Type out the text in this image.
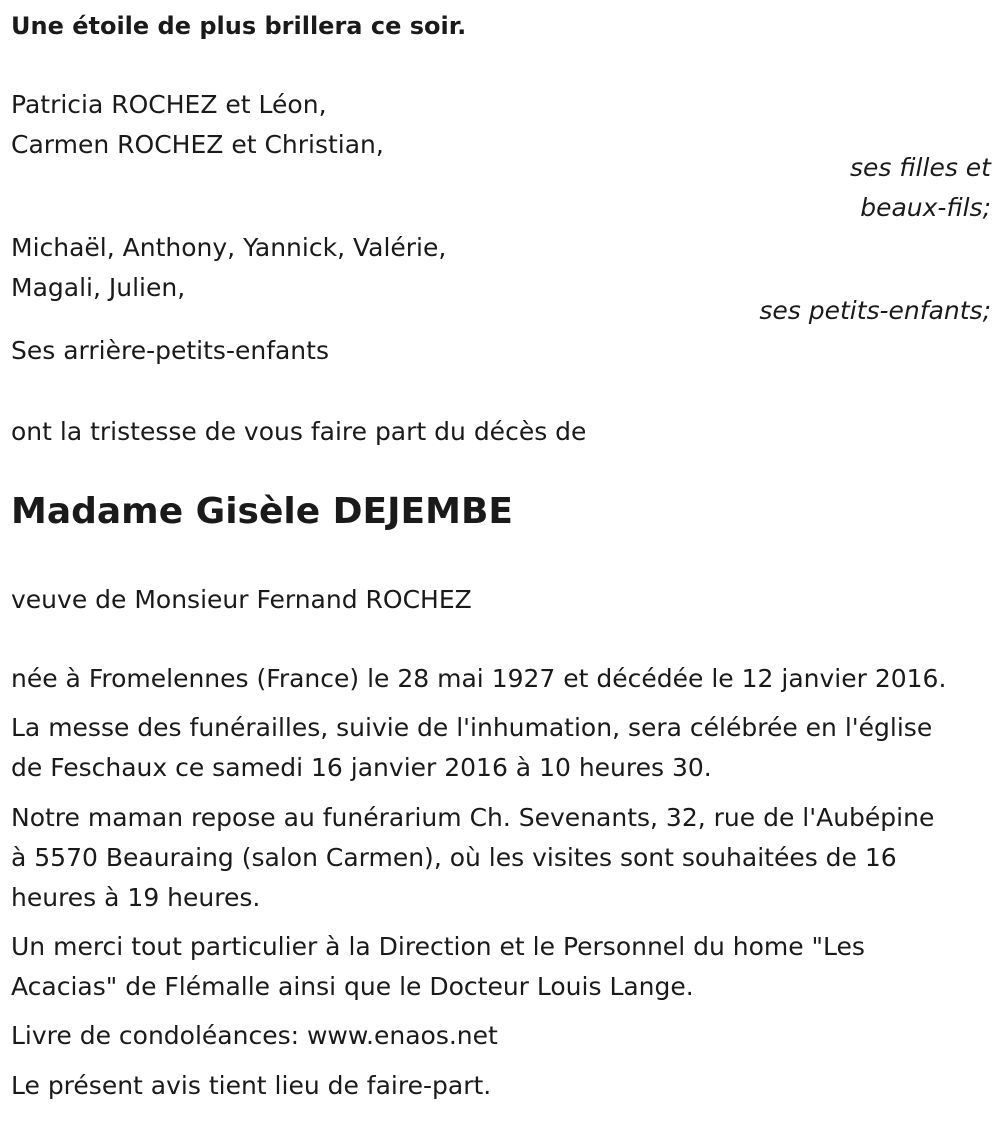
Une étoile de plus brillera ce soir.
Patricia ROCHEZ et Léon,
Carmen ROCHEZ et Christian,
ses filles et
beaux-fils;
Michaël, Anthony, Yannick, Valérie,
Magali, Julien,
ses petits-enfants;
Ses arrière-petits-enfants
ont la tristesse de vous faire part du décès de
Madame Gisèle DEJEMBE
veuve de Monsieur Fernand ROCHEZ
née à Fromelennes (France) le 28 mai 1927 et décédée le 12 janvier 2016.
La messe des funérailles, suivie de l'inhumation, sera célébrée en l'église
de Feschaux ce samedi 16 janvier 2016 à 10 heures 30.
Notre maman repose au funérarium Ch. Sevenants, 32, rue de l'Aubépine
à 5570 Beauraing (salon Carmen), où les visites sont souhaitées de 16
heures à 19 heures.
Un merci tout particulier à la Direction et le Personnel du home "Les
Acacias" de Flémalle ainsi que le Docteur Louis Lange.
Livre de condoléances: www.enaos.net
Le présent avis tient lieu de faire-part.
